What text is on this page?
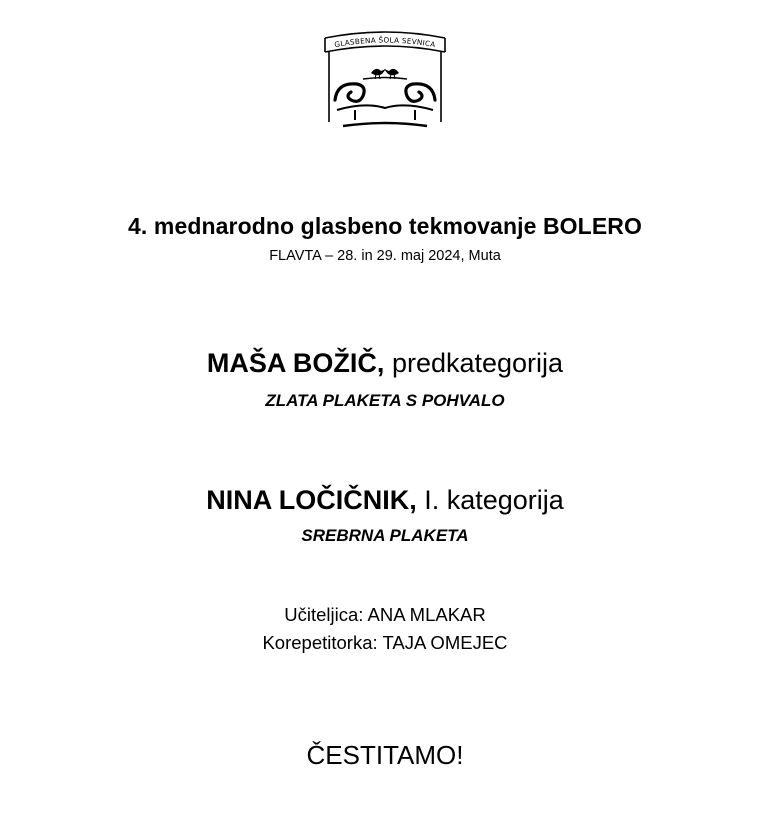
GLASBENA ŠOLA SEVNICA
4. mednarodno glasbeno tekmovanje BOLERO
FLAVTA – 28. in 29. maj 2024, Muta
MAŠA BOŽIČ, predkategorija
ZLATA PLAKETA S POHVALO
NINA LOČIČNIK, I. kategorija
SREBRNA PLAKETA
Učiteljica: ANA MLAKAR
Korepetitorka: TAJA OMEJEC
ČESTITAMO!
